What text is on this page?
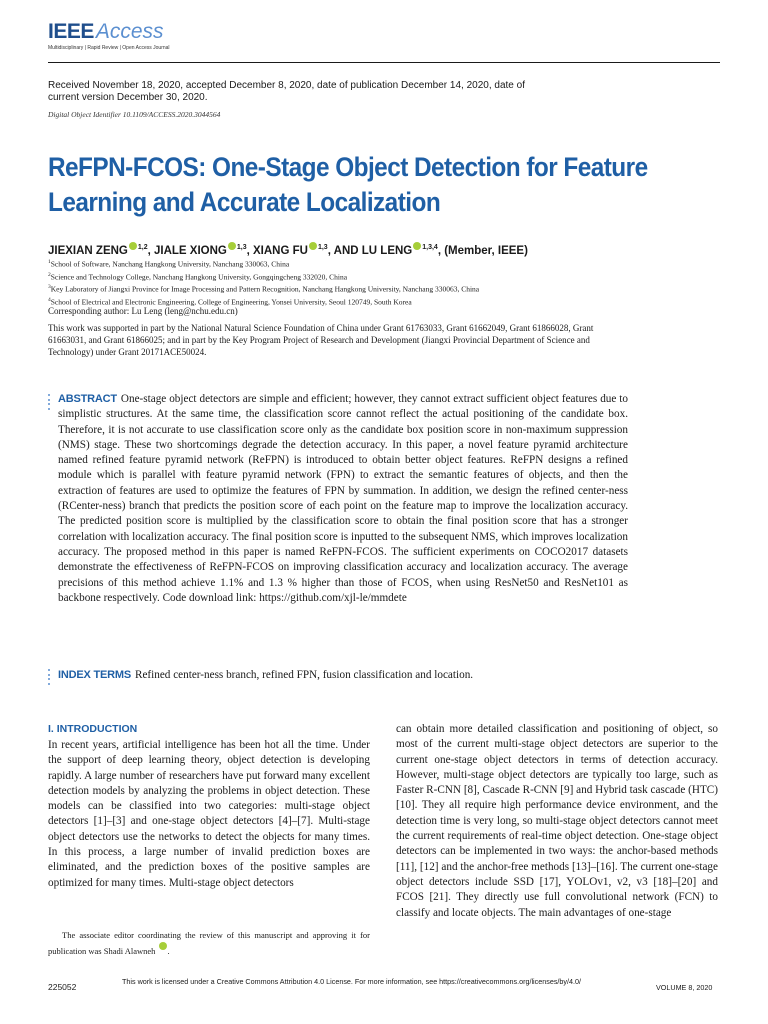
IEEEAccess
Multidisciplinary | Rapid Review | Open Access Journal
Received November 18, 2020, accepted December 8, 2020, date of publication December 14, 2020, date of current version December 30, 2020.
Digital Object Identifier 10.1109/ACCESS.2020.3044564
ReFPN-FCOS: One-Stage Object Detection for Feature Learning and Accurate Localization
JIEXIAN ZENG $^{1,2}$, JIALE XIONG $^{1,3}$, XIANG FU $^{1,3}$, AND LU LENG $^{1,3,4}$, (Member, IEEE)
$^1$School of Software, Nanchang Hangkong University, Nanchang 330063, China
$^2$Science and Technology College, Nanchang Hangkong University, Gongqingcheng 332020, China
$^3$Key Laboratory of Jiangxi Province for Image Processing and Pattern Recognition, Nanchang Hangkong University, Nanchang 330063, China
$^4$School of Electrical and Electronic Engineering, College of Engineering, Yonsei University, Seoul 120749, South Korea
Corresponding author: Lu Leng (leng@nchu.edu.cn)
This work was supported in part by the National Natural Science Foundation of China under Grant 61763033, Grant 61662049, Grant 61866028, Grant 61663031, and Grant 61866025; and in part by the Key Program Project of Research and Development (Jiangxi Provincial Department of Science and Technology) under Grant 20171ACE50024.
ABSTRACT One-stage object detectors are simple and efficient; however, they cannot extract sufficient object features due to simplistic structures. At the same time, the classification score cannot reflect the actual positioning of the candidate box. Therefore, it is not accurate to use classification score only as the candidate box position score in non-maximum suppression (NMS) stage. These two shortcomings degrade the detection accuracy. In this paper, a novel feature pyramid architecture named refined feature pyramid network (ReFPN) is introduced to obtain better object features. ReFPN designs a refined module which is parallel with feature pyramid network (FPN) to extract the semantic features of objects, and then the extraction of features are used to optimize the features of FPN by summation. In addition, we design the refined center-ness (RCenter-ness) branch that predicts the position score of each point on the feature map to improve the localization accuracy. The predicted position score is multiplied by the classification score to obtain the final position score that has a stronger correlation with localization accuracy. The final position score is inputted to the subsequent NMS, which improves localization accuracy. The proposed method in this paper is named ReFPN-FCOS. The sufficient experiments on COCO2017 datasets demonstrate the effectiveness of ReFPN-FCOS on improving classification accuracy and localization accuracy. The average precisions of this method achieve 1.1% and 1.3 % higher than those of FCOS, when using ResNet50 and ResNet101 as backbone respectively. Code download link: https://github.com/xjl-le/mmdete
INDEX TERMS Refined center-ness branch, refined FPN, fusion classification and location.
I. INTRODUCTION
In recent years, artificial intelligence has been hot all the time. Under the support of deep learning theory, object detection is developing rapidly. A large number of researchers have put forward many excellent detection models by analyzing the problems in object detection. These models can be classified into two categories: multi-stage object detectors [1]–[3] and one-stage object detectors [4]–[7]. Multi-stage object detectors use the networks to detect the objects for many times. In this process, a large number of invalid prediction boxes are eliminated, and the prediction boxes of the positive samples are optimized for many times. Multi-stage object detectors
can obtain more detailed classification and positioning of object, so most of the current multi-stage object detectors are superior to the current one-stage object detectors in terms of detection accuracy. However, multi-stage object detectors are typically too large, such as Faster R-CNN [8], Cascade R-CNN [9] and Hybrid task cascade (HTC) [10]. They all require high performance device environment, and the detection time is very long, so multi-stage object detectors cannot meet the current requirements of real-time object detection. One-stage object detectors can be implemented in two ways: the anchor-based methods [11], [12] and the anchor-free methods [13]–[16]. The current one-stage object detectors include SSD [17], YOLOv1, v2, v3 [18]–[20] and FCOS [21]. They directly use full convolutional network (FCN) to classify and locate objects. The main advantages of one-stage
The associate editor coordinating the review of this manuscript and approving it for publication was Shadi Alawneh .
225052
This work is licensed under a Creative Commons Attribution 4.0 License. For more information, see https://creativecommons.org/licenses/by/4.0/
VOLUME 8, 2020
